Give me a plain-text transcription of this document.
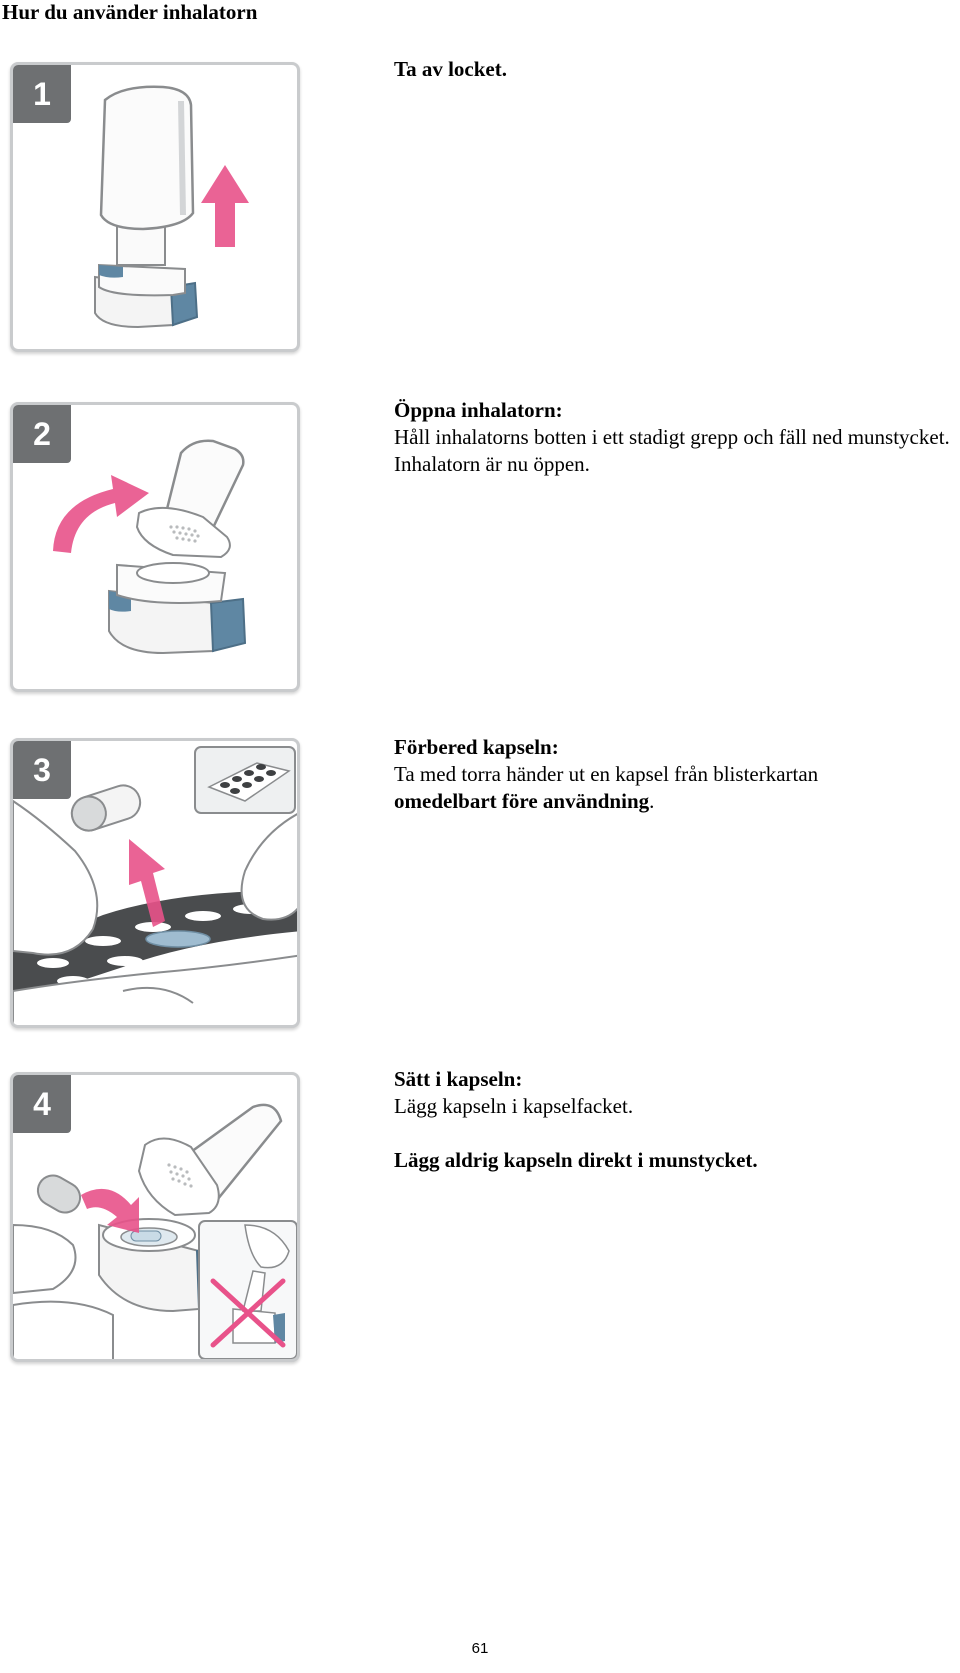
Hur du använder inhalatorn
1
Ta av locket.
2
Öppna inhalatorn:
Håll inhalatorns botten i ett stadigt grepp och fäll ned munstycket. Inhalatorn är nu öppen.
3
Förbered kapseln:
Ta med torra händer ut en kapsel från blisterkartan
omedelbart före användning.
4
Sätt i kapseln:
Lägg kapseln i kapselfacket.
Lägg aldrig kapseln direkt i munstycket.
61
